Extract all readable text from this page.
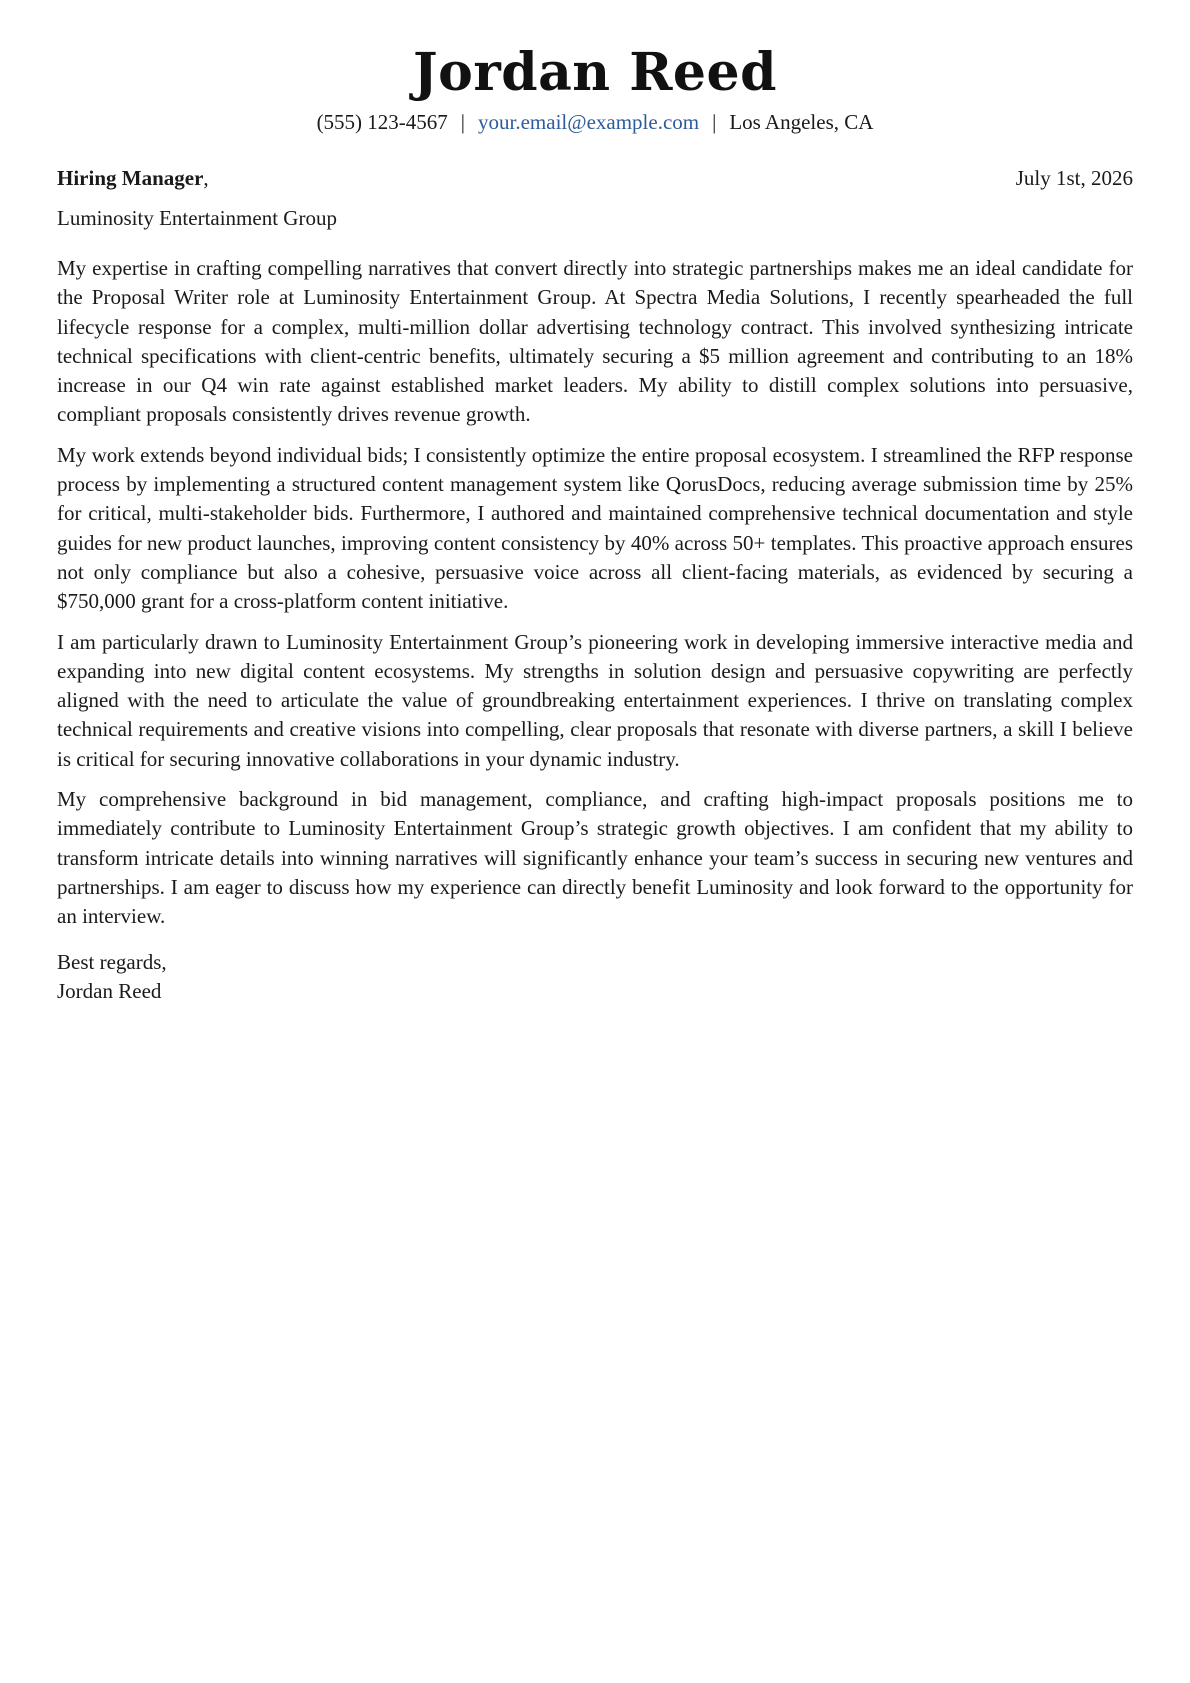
Jordan Reed
(555) 123-4567 | your.email@example.com | Los Angeles, CA
Hiring Manager,	July 1st, 2026
Luminosity Entertainment Group

My expertise in crafting compelling narratives that convert directly into strategic partnerships makes me an ideal candidate for the Proposal Writer role at Luminosity Entertainment Group. At Spectra Media Solutions, I recently spearheaded the full lifecycle response for a complex, multi-million dollar advertising technology contract. This involved synthesizing intricate technical specifications with client-centric benefits, ultimately securing a $5 million agreement and contributing to an 18% increase in our Q4 win rate against established market leaders. My ability to distill complex solutions into persuasive, compliant proposals consistently drives revenue growth.

My work extends beyond individual bids; I consistently optimize the entire proposal ecosystem. I streamlined the RFP response process by implementing a structured content management system like QorusDocs, reducing average submission time by 25% for critical, multi-stakeholder bids. Furthermore, I authored and maintained comprehensive technical documentation and style guides for new product launches, improving content consistency by 40% across 50+ templates. This proactive approach ensures not only compliance but also a cohesive, persuasive voice across all client-facing materials, as evidenced by securing a $750,000 grant for a cross-platform content initiative.

I am particularly drawn to Luminosity Entertainment Group’s pioneering work in developing immersive interactive media and expanding into new digital content ecosystems. My strengths in solution design and persuasive copywriting are perfectly aligned with the need to articulate the value of groundbreaking entertainment experiences. I thrive on translating complex technical requirements and creative visions into compelling, clear proposals that resonate with diverse partners, a skill I believe is critical for securing innovative collaborations in your dynamic industry.

My comprehensive background in bid management, compliance, and crafting high-impact proposals positions me to immediately contribute to Luminosity Entertainment Group’s strategic growth objectives. I am confident that my ability to transform intricate details into winning narratives will significantly enhance your team’s success in securing new ventures and partnerships. I am eager to discuss how my experience can directly benefit Luminosity and look forward to the opportunity for an interview.

Best regards,
Jordan Reed
